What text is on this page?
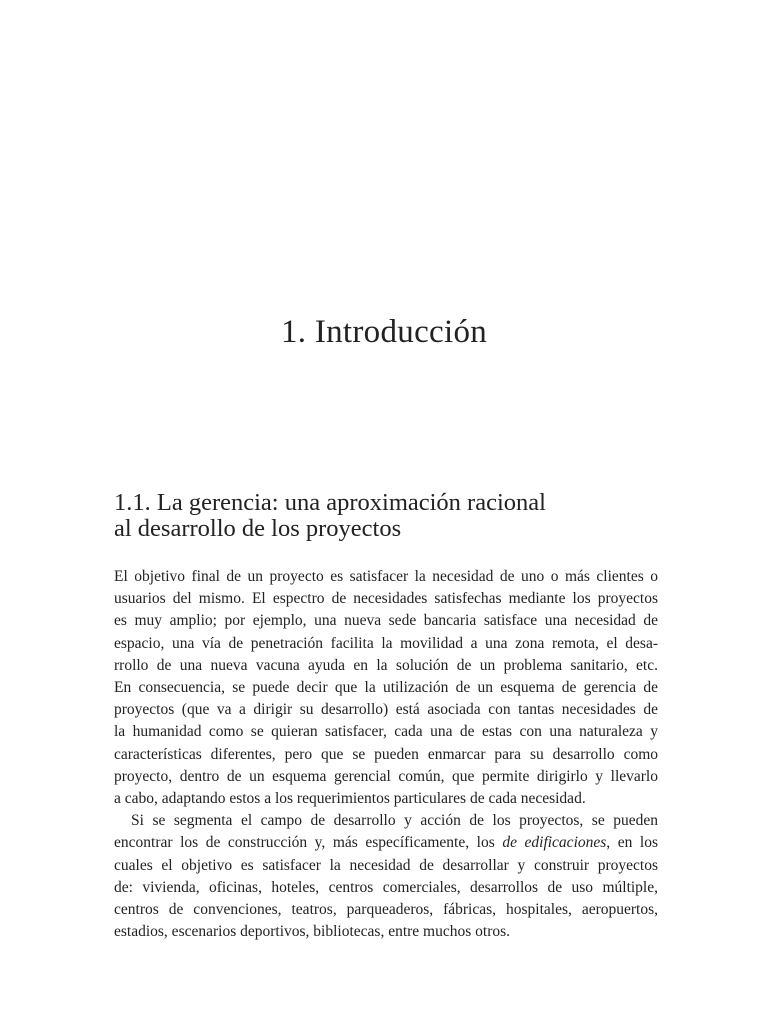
1. Introducción
1.1. La gerencia: una aproximación racional
al desarrollo de los proyectos
El objetivo final de un proyecto es satisfacer la necesidad de uno o más clientes o
usuarios del mismo. El espectro de necesidades satisfechas mediante los proyectos
es muy amplio; por ejemplo, una nueva sede bancaria satisface una necesidad de
espacio, una vía de penetración facilita la movilidad a una zona remota, el desa-
rrollo de una nueva vacuna ayuda en la solución de un problema sanitario, etc.
En consecuencia, se puede decir que la utilización de un esquema de gerencia de
proyectos (que va a dirigir su desarrollo) está asociada con tantas necesidades de
la humanidad como se quieran satisfacer, cada una de estas con una naturaleza y
características diferentes, pero que se pueden enmarcar para su desarrollo como
proyecto, dentro de un esquema gerencial común, que permite dirigirlo y llevarlo
a cabo, adaptando estos a los requerimientos particulares de cada necesidad.
Si se segmenta el campo de desarrollo y acción de los proyectos, se pueden
encontrar los de construcción y, más específicamente, los de edificaciones, en los
cuales el objetivo es satisfacer la necesidad de desarrollar y construir proyectos
de: vivienda, oficinas, hoteles, centros comerciales, desarrollos de uso múltiple,
centros de convenciones, teatros, parqueaderos, fábricas, hospitales, aeropuertos,
estadios, escenarios deportivos, bibliotecas, entre muchos otros.
